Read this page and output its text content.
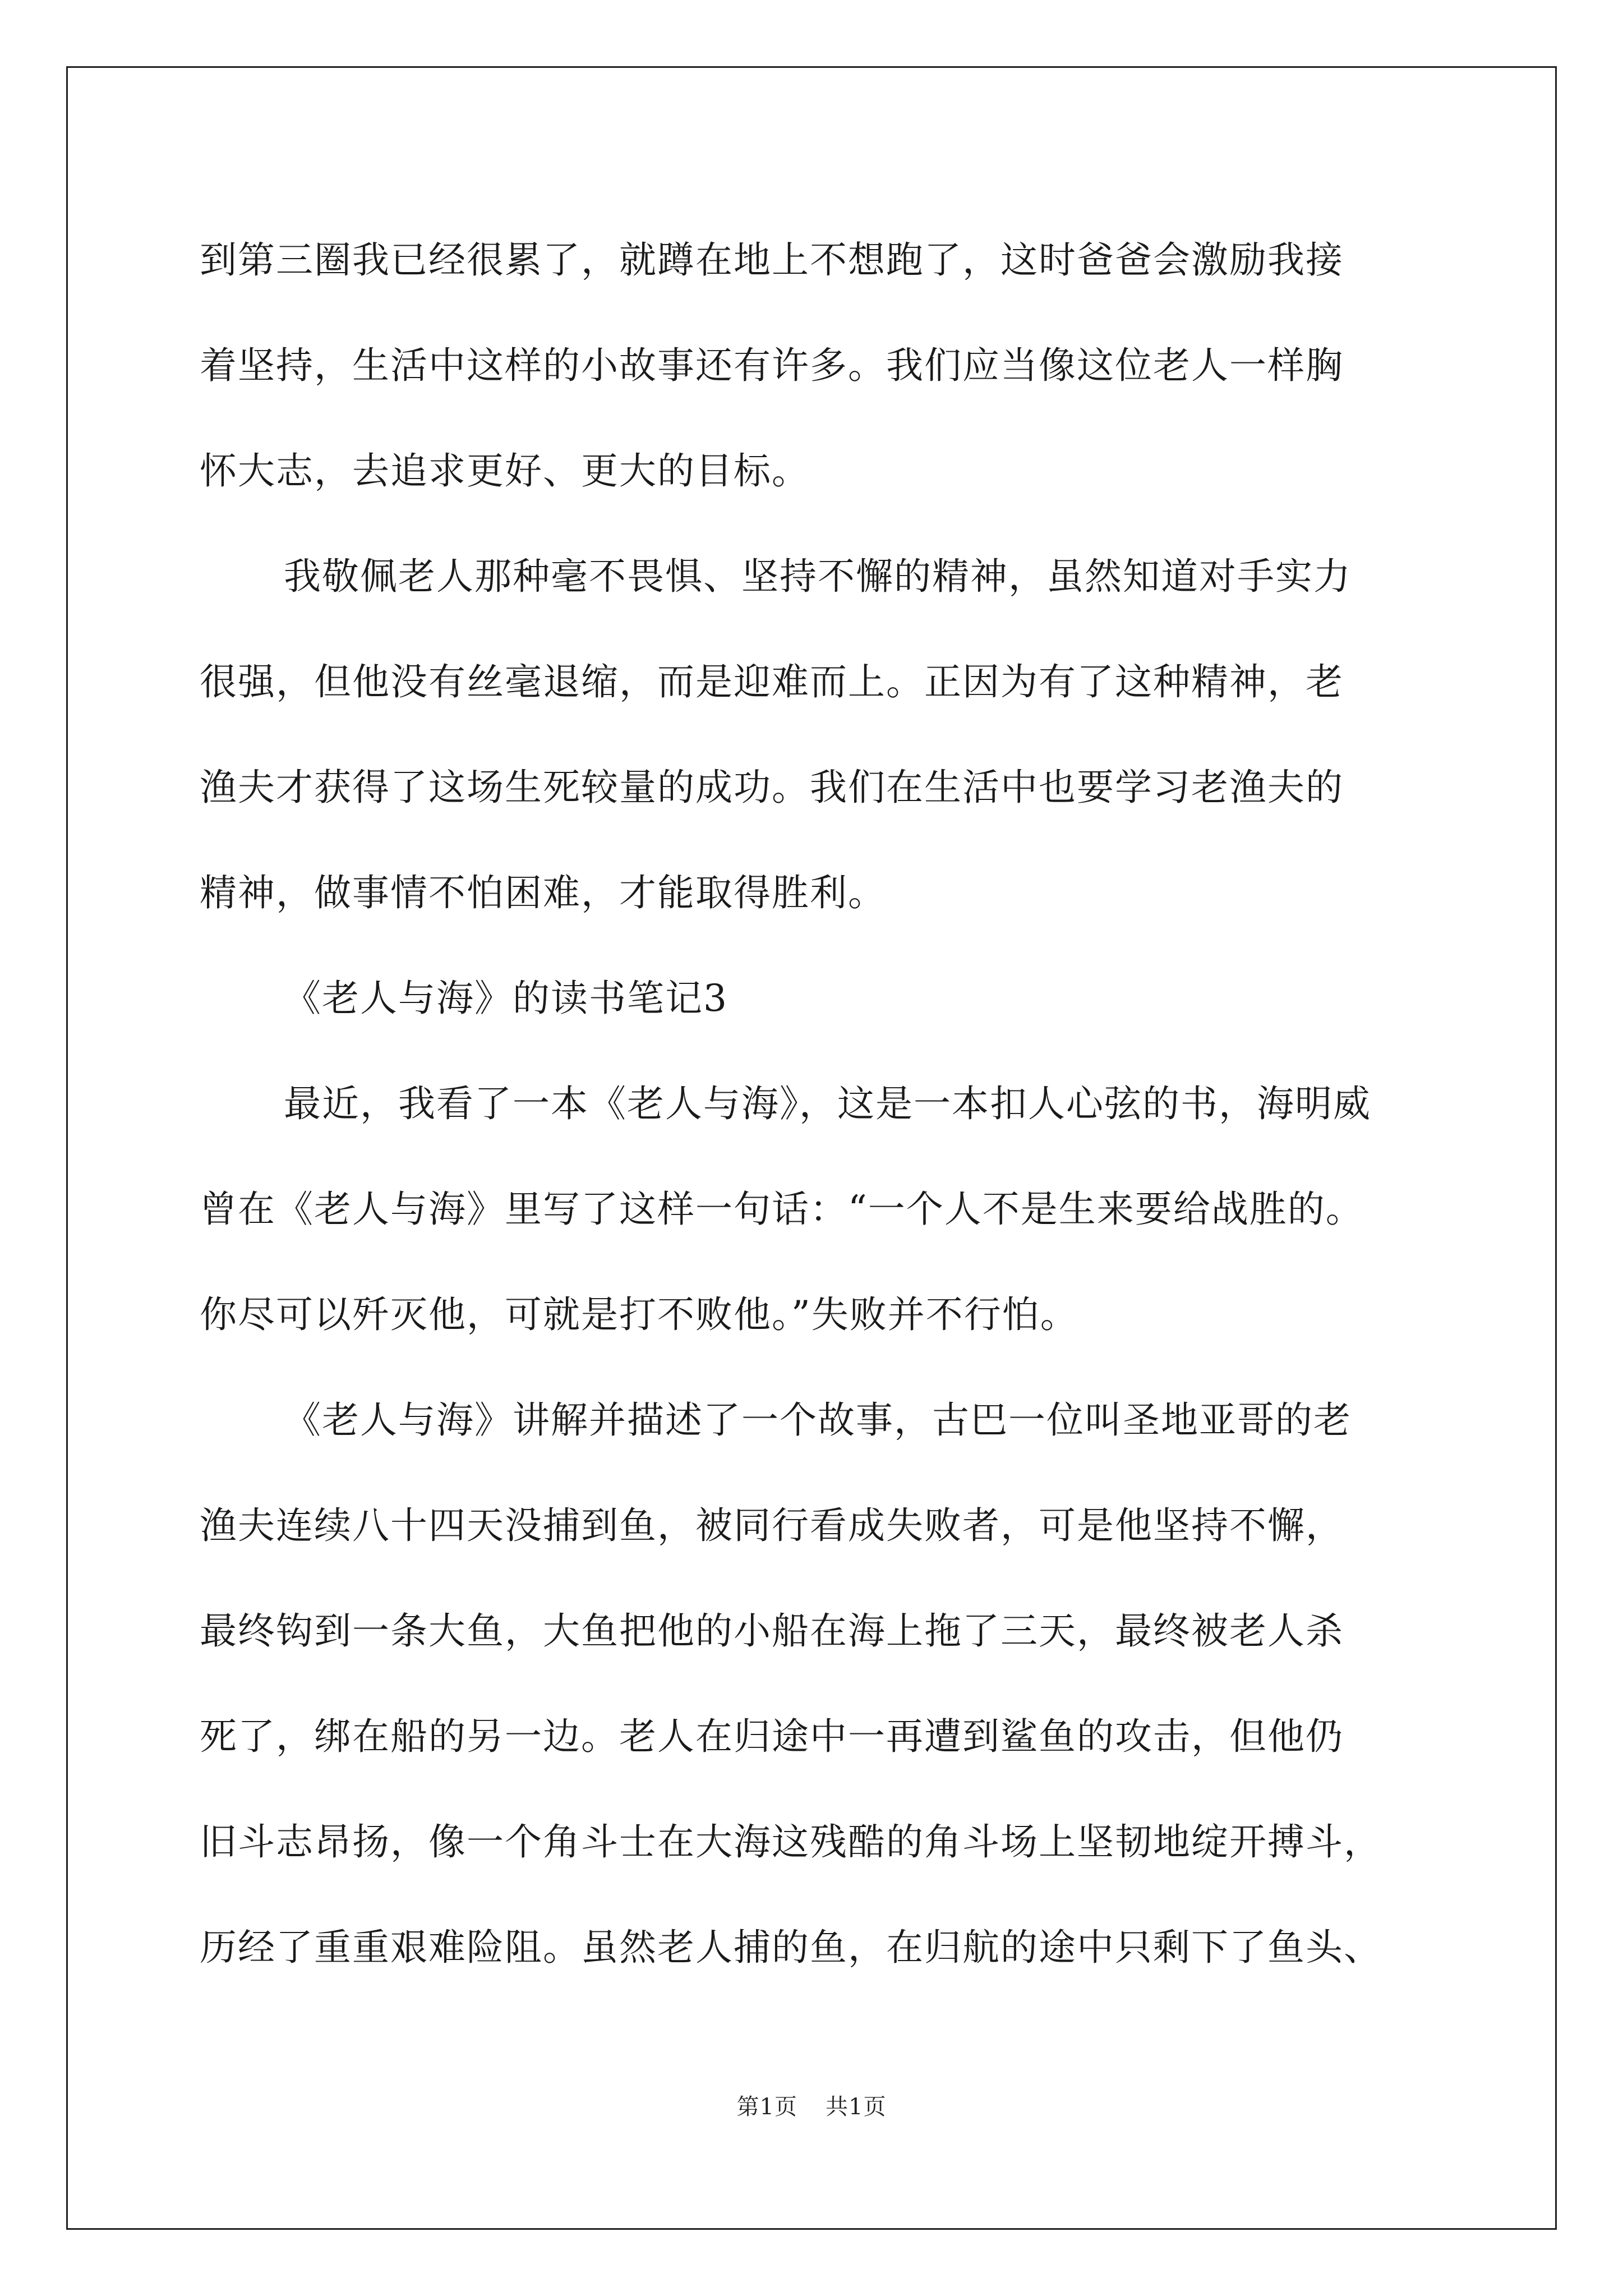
到第三圈我已经很累了，就蹲在地上不想跑了，这时爸爸会激励我接
着坚持，生活中这样的小故事还有许多。我们应当像这位老人一样胸
怀大志，去追求更好、更大的目标。
我敬佩老人那种毫不畏惧、坚持不懈的精神，虽然知道对手实力
很强，但他没有丝毫退缩，而是迎难而上。正因为有了这种精神，老
渔夫才获得了这场生死较量的成功。我们在生活中也要学习老渔夫的
精神，做事情不怕困难，才能取得胜利。
《老人与海》的读书笔记3
最近，我看了一本《老人与海》，这是一本扣人心弦的书，海明威
曾在《老人与海》里写了这样一句话：“一个人不是生来要给战胜的。
你尽可以歼灭他，可就是打不败他。”失败并不行怕。
《老人与海》讲解并描述了一个故事，古巴一位叫圣地亚哥的老
渔夫连续八十四天没捕到鱼，被同行看成失败者，可是他坚持不懈，
最终钩到一条大鱼，大鱼把他的小船在海上拖了三天，最终被老人杀
死了，绑在船的另一边。老人在归途中一再遭到鲨鱼的攻击，但他仍
旧斗志昂扬，像一个角斗士在大海这残酷的角斗场上坚韧地绽开搏斗，
历经了重重艰难险阻。虽然老人捕的鱼，在归航的途中只剩下了鱼头、
第1页 共1页
